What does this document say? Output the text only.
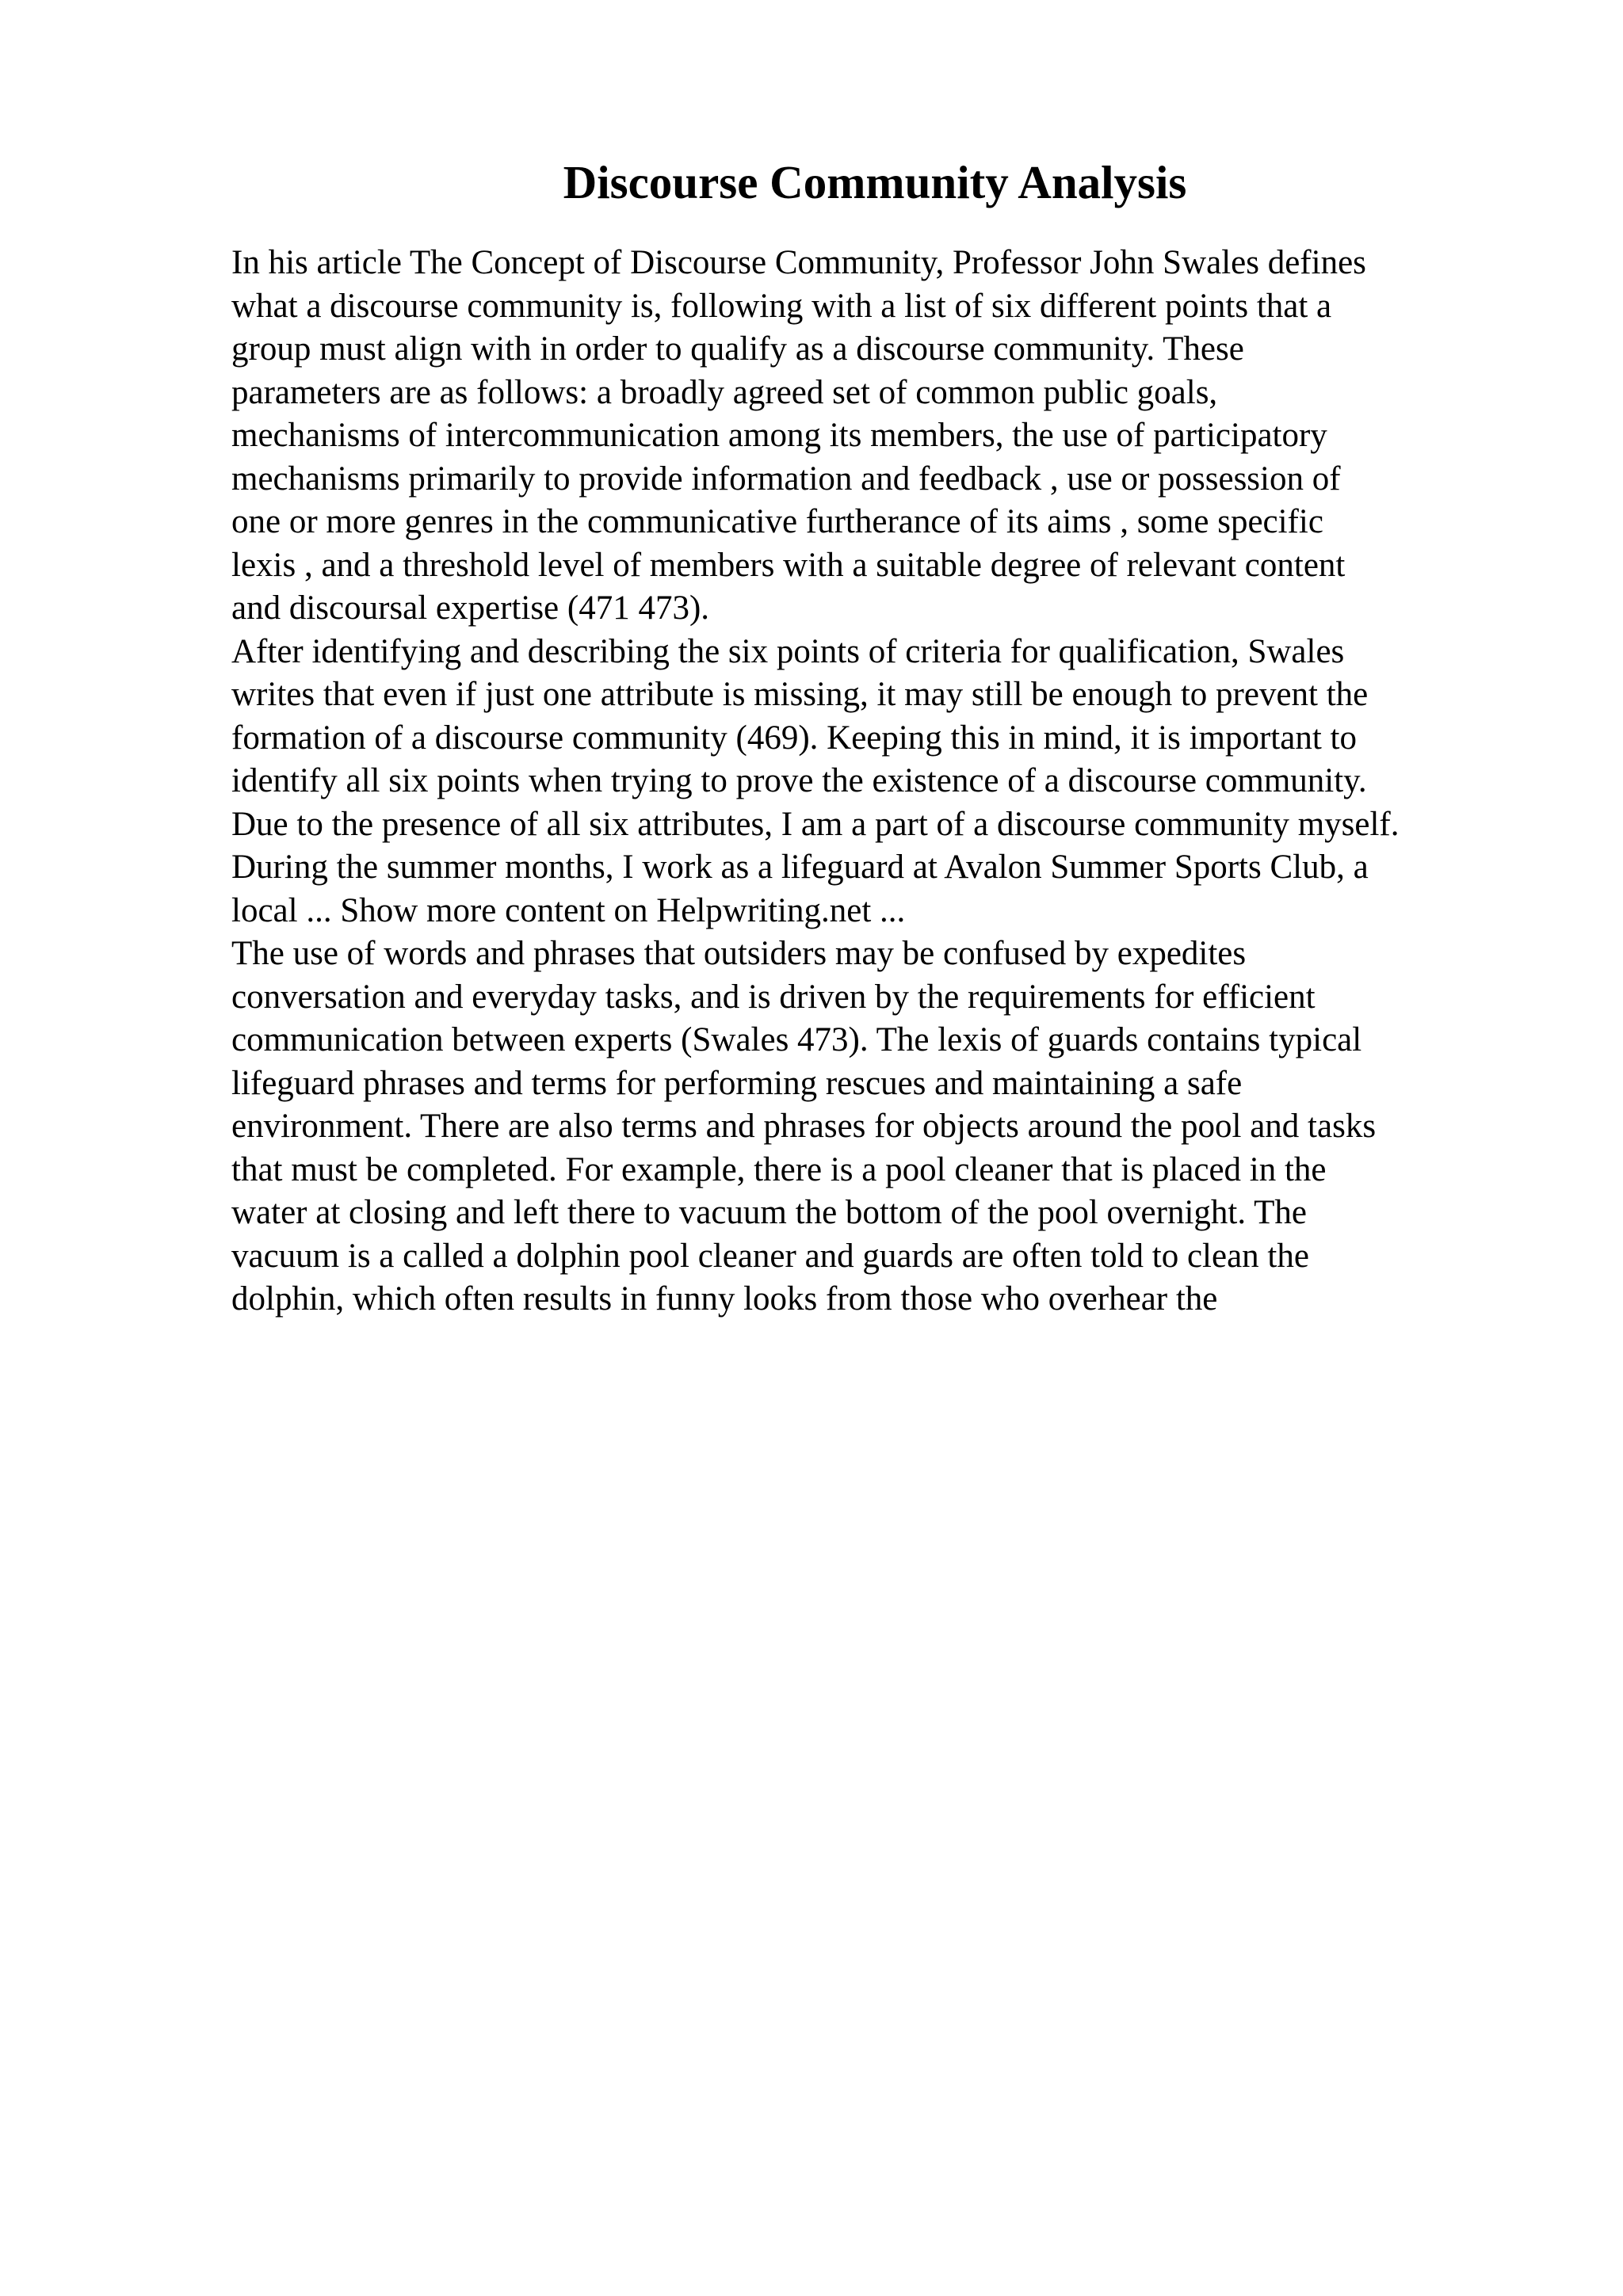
Discourse Community Analysis
In his article The Concept of Discourse Community, Professor John Swales defines
what a discourse community is, following with a list of six different points that a
group must align with in order to qualify as a discourse community. These
parameters are as follows: a broadly agreed set of common public goals,
mechanisms of intercommunication among its members, the use of participatory
mechanisms primarily to provide information and feedback , use or possession of
one or more genres in the communicative furtherance of its aims , some specific
lexis , and a threshold level of members with a suitable degree of relevant content
and discoursal expertise (471 473).
After identifying and describing the six points of criteria for qualification, Swales
writes that even if just one attribute is missing, it may still be enough to prevent the
formation of a discourse community (469). Keeping this in mind, it is important to
identify all six points when trying to prove the existence of a discourse community.
Due to the presence of all six attributes, I am a part of a discourse community myself.
During the summer months, I work as a lifeguard at Avalon Summer Sports Club, a
local ... Show more content on Helpwriting.net ...
The use of words and phrases that outsiders may be confused by expedites
conversation and everyday tasks, and is driven by the requirements for efficient
communication between experts (Swales 473). The lexis of guards contains typical
lifeguard phrases and terms for performing rescues and maintaining a safe
environment. There are also terms and phrases for objects around the pool and tasks
that must be completed. For example, there is a pool cleaner that is placed in the
water at closing and left there to vacuum the bottom of the pool overnight. The
vacuum is a called a dolphin pool cleaner and guards are often told to clean the
dolphin, which often results in funny looks from those who overhear the
